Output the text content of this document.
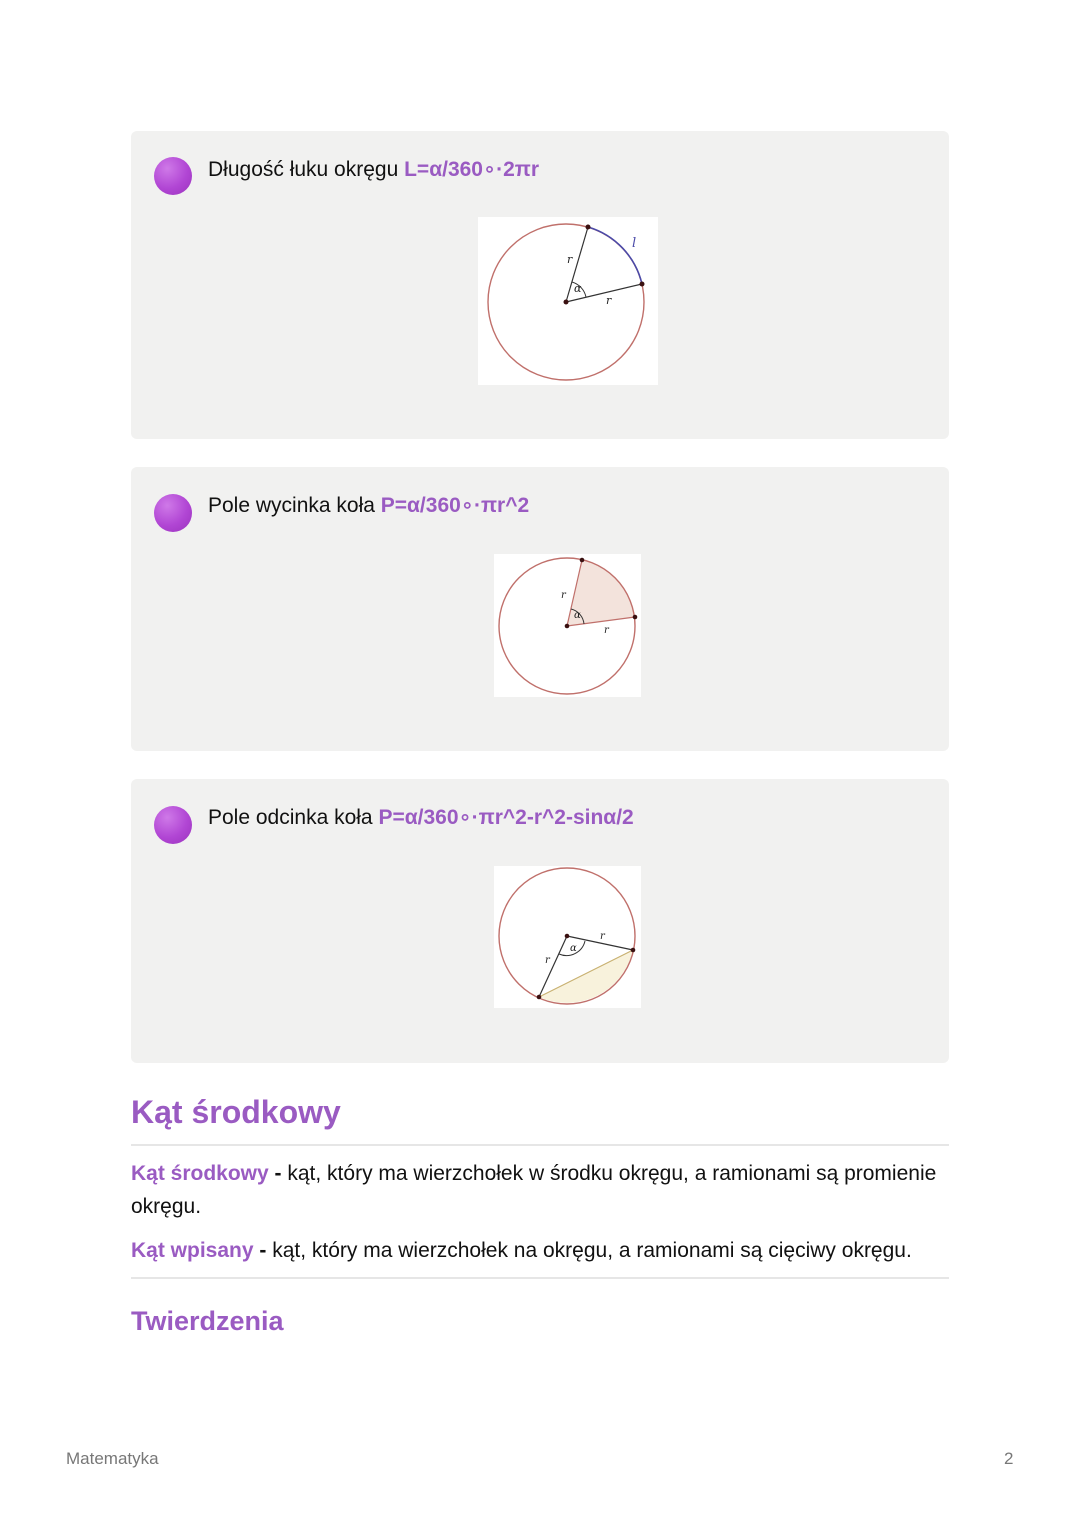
Długość łuku okręgu L=α/360∘·2πr
r
r
α
l
Pole wycinka koła P=α/360∘·πr^2
r
r
α
Pole odcinka koła P=α/360∘·πr^2-r^2-sinα/2
r
r
α
Kąt środkowy
Kąt środkowy - kąt, który ma wierzchołek w środku okręgu, a ramionami są promienie okręgu.
Kąt wpisany - kąt, który ma wierzchołek na okręgu, a ramionami są cięciwy okręgu.
Twierdzenia
Matematyka	2
